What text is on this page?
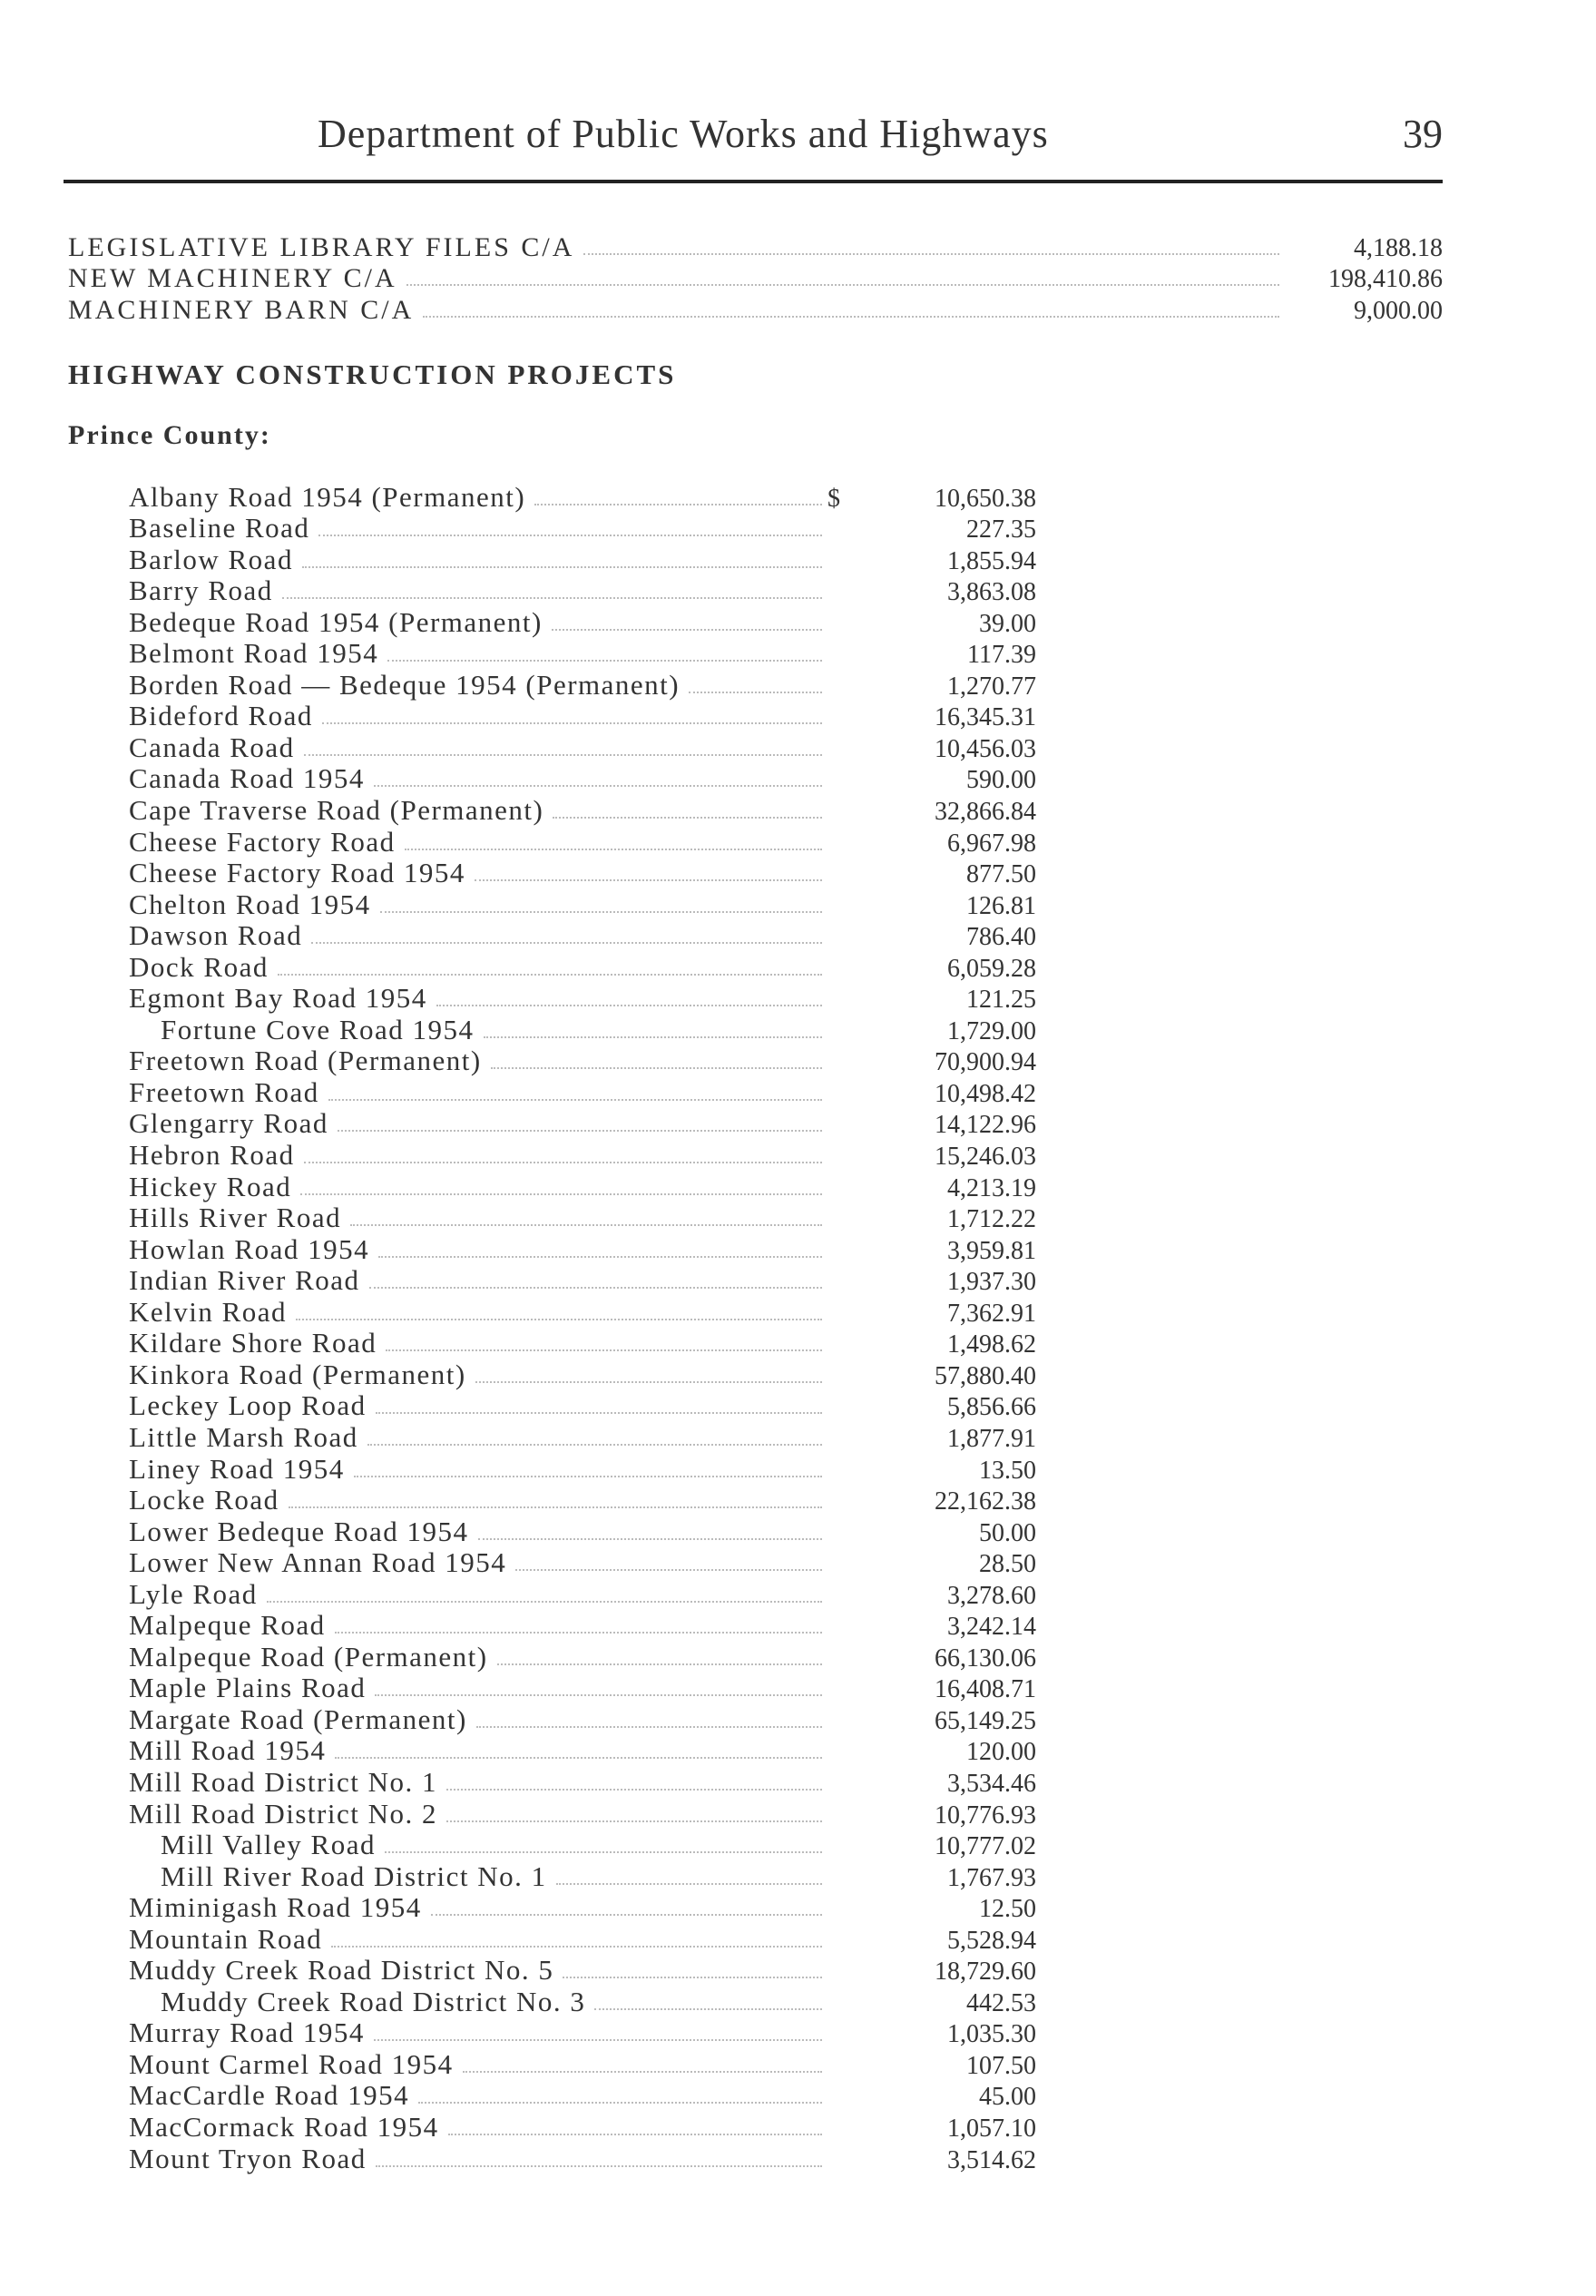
Department of Public Works and Highways	39
LEGISLATIVE LIBRARY FILES C/A	4,188.18
NEW MACHINERY C/A	198,410.86
MACHINERY BARN C/A	9,000.00
HIGHWAY CONSTRUCTION PROJECTS
Prince County:
Albany Road 1954 (Permanent)	$	10,650.38
Baseline Road	227.35
Barlow Road	1,855.94
Barry Road	3,863.08
Bedeque Road 1954 (Permanent)	39.00
Belmont Road 1954	117.39
Borden Road — Bedeque 1954 (Permanent)	1,270.77
Bideford Road	16,345.31
Canada Road	10,456.03
Canada Road 1954	590.00
Cape Traverse Road (Permanent)	32,866.84
Cheese Factory Road	6,967.98
Cheese Factory Road 1954	877.50
Chelton Road 1954	126.81
Dawson Road	786.40
Dock Road	6,059.28
Egmont Bay Road 1954	121.25
Fortune Cove Road 1954	1,729.00
Freetown Road (Permanent)	70,900.94
Freetown Road	10,498.42
Glengarry Road	14,122.96
Hebron Road	15,246.03
Hickey Road	4,213.19
Hills River Road	1,712.22
Howlan Road 1954	3,959.81
Indian River Road	1,937.30
Kelvin Road	7,362.91
Kildare Shore Road	1,498.62
Kinkora Road (Permanent)	57,880.40
Leckey Loop Road	5,856.66
Little Marsh Road	1,877.91
Liney Road 1954	13.50
Locke Road	22,162.38
Lower Bedeque Road 1954	50.00
Lower New Annan Road 1954	28.50
Lyle Road	3,278.60
Malpeque Road	3,242.14
Malpeque Road (Permanent)	66,130.06
Maple Plains Road	16,408.71
Margate Road (Permanent)	65,149.25
Mill Road 1954	120.00
Mill Road District No. 1	3,534.46
Mill Road District No. 2	10,776.93
Mill Valley Road	10,777.02
Mill River Road District No. 1	1,767.93
Miminigash Road 1954	12.50
Mountain Road	5,528.94
Muddy Creek Road District No. 5	18,729.60
Muddy Creek Road District No. 3	442.53
Murray Road 1954	1,035.30
Mount Carmel Road 1954	107.50
MacCardle Road 1954	45.00
MacCormack Road 1954	1,057.10
Mount Tryon Road	3,514.62
